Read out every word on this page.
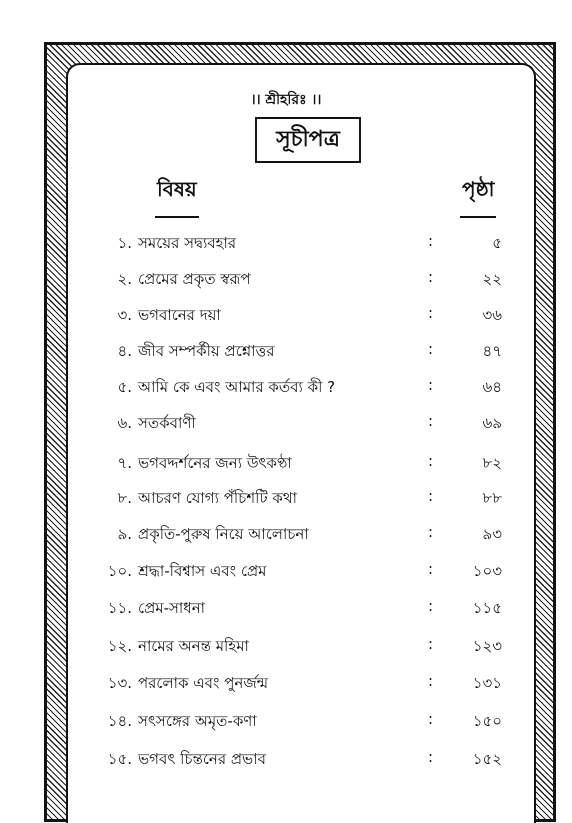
।। শ্রীহরিঃ ।।
সূচীপত্র
বিষয়	পৃষ্ঠা
১. সময়ের সদ্ব্যবহার	:	৫
২. প্রেমের প্রকৃত স্বরূপ	:	২২
৩. ভগবানের দয়া	:	৩৬
৪. জীব সম্পর্কীয় প্রশ্নোত্তর	:	৪৭
৫. আমি কে এবং আমার কর্তব্য কী ?	:	৬৪
৬. সতর্কবাণী	:	৬৯
৭. ভগবদ্দর্শনের জন্য উৎকণ্ঠা	:	৮২
৮. আচরণ যোগ্য পঁচিশটি কথা	:	৮৮
৯. প্রকৃতি-পুরুষ নিয়ে আলোচনা	:	৯৩
১০. শ্রদ্ধা-বিশ্বাস এবং প্রেম	:	১০৩
১১. প্রেম-সাধনা	:	১১৫
১২. নামের অনন্ত মহিমা	:	১২৩
১৩. পরলোক এবং পুনর্জন্ম	:	১৩১
১৪. সৎসঙ্গের অমৃত-কণা	:	১৫০
১৫. ভগবৎ চিন্তনের প্রভাব	:	১৫২
